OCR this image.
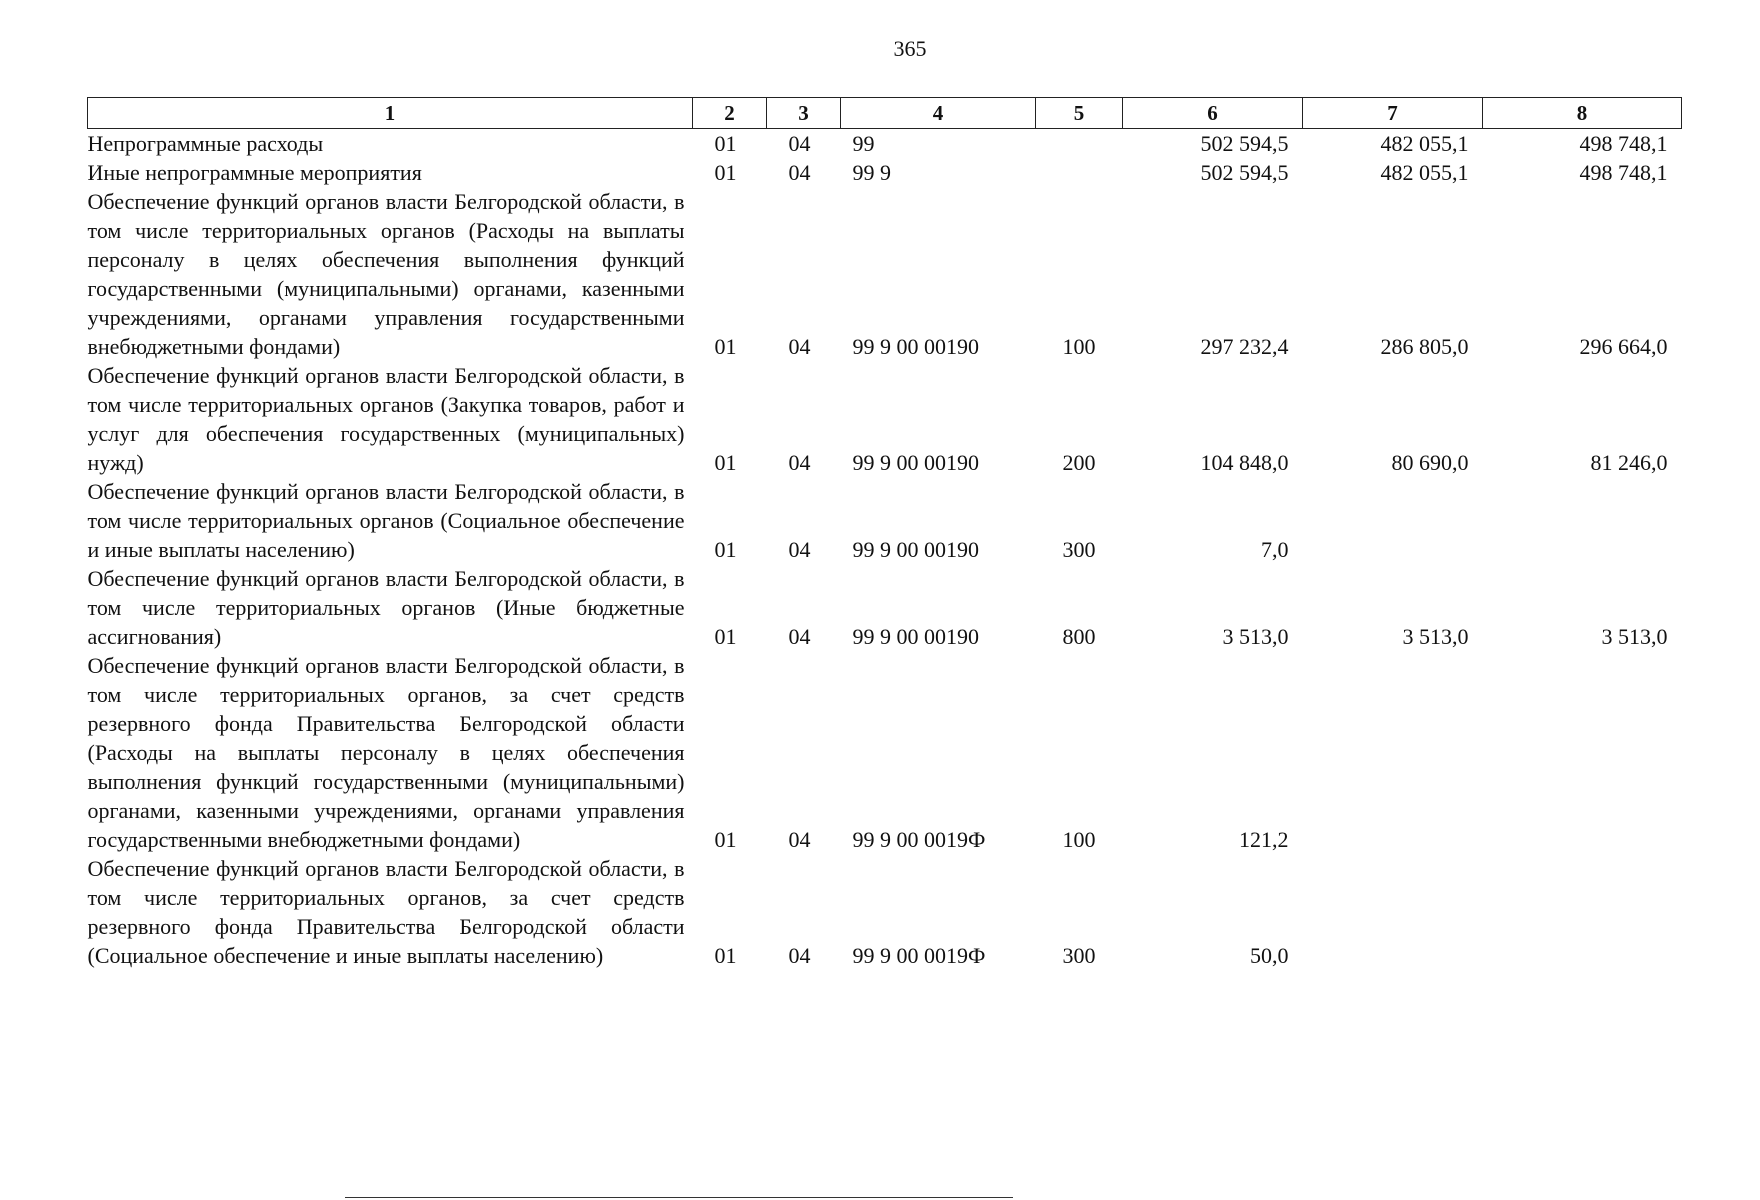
365
1	2	3	4	5	6	7	8
Непрограммные расходы	01	04	99		502 594,5	482 055,1	498 748,1
Иные непрограммные мероприятия	01	04	99 9		502 594,5	482 055,1	498 748,1
Обеспечение функций органов власти Белгородской области, в том числе территориальных органов (Расходы на выплаты персоналу в целях обеспечения выполнения функций государственными (муниципальными) органами, казенными учреждениями, органами управления государственными внебюджетными фондами)	01	04	99 9 00 00190	100	297 232,4	286 805,0	296 664,0
Обеспечение функций органов власти Белгородской области, в том числе территориальных органов (Закупка товаров, работ и услуг для обеспечения государственных (муниципальных) нужд)	01	04	99 9 00 00190	200	104 848,0	80 690,0	81 246,0
Обеспечение функций органов власти Белгородской области, в том числе территориальных органов (Социальное обеспечение и иные выплаты населению)	01	04	99 9 00 00190	300	7,0		
Обеспечение функций органов власти Белгородской области, в том числе территориальных органов (Иные бюджетные ассигнования)	01	04	99 9 00 00190	800	3 513,0	3 513,0	3 513,0
Обеспечение функций органов власти Белгородской области, в том числе территориальных органов, за счет средств резервного фонда Правительства Белгородской области (Расходы на выплаты персоналу в целях обеспечения выполнения функций государственными (муниципальными) органами, казенными учреждениями, органами управления государственными внебюджетными фондами)	01	04	99 9 00 0019Ф	100	121,2		
Обеспечение функций органов власти Белгородской области, в том числе территориальных органов, за счет средств резервного фонда Правительства Белгородской области (Социальное обеспечение и иные выплаты населению)	01	04	99 9 00 0019Ф	300	50,0		
